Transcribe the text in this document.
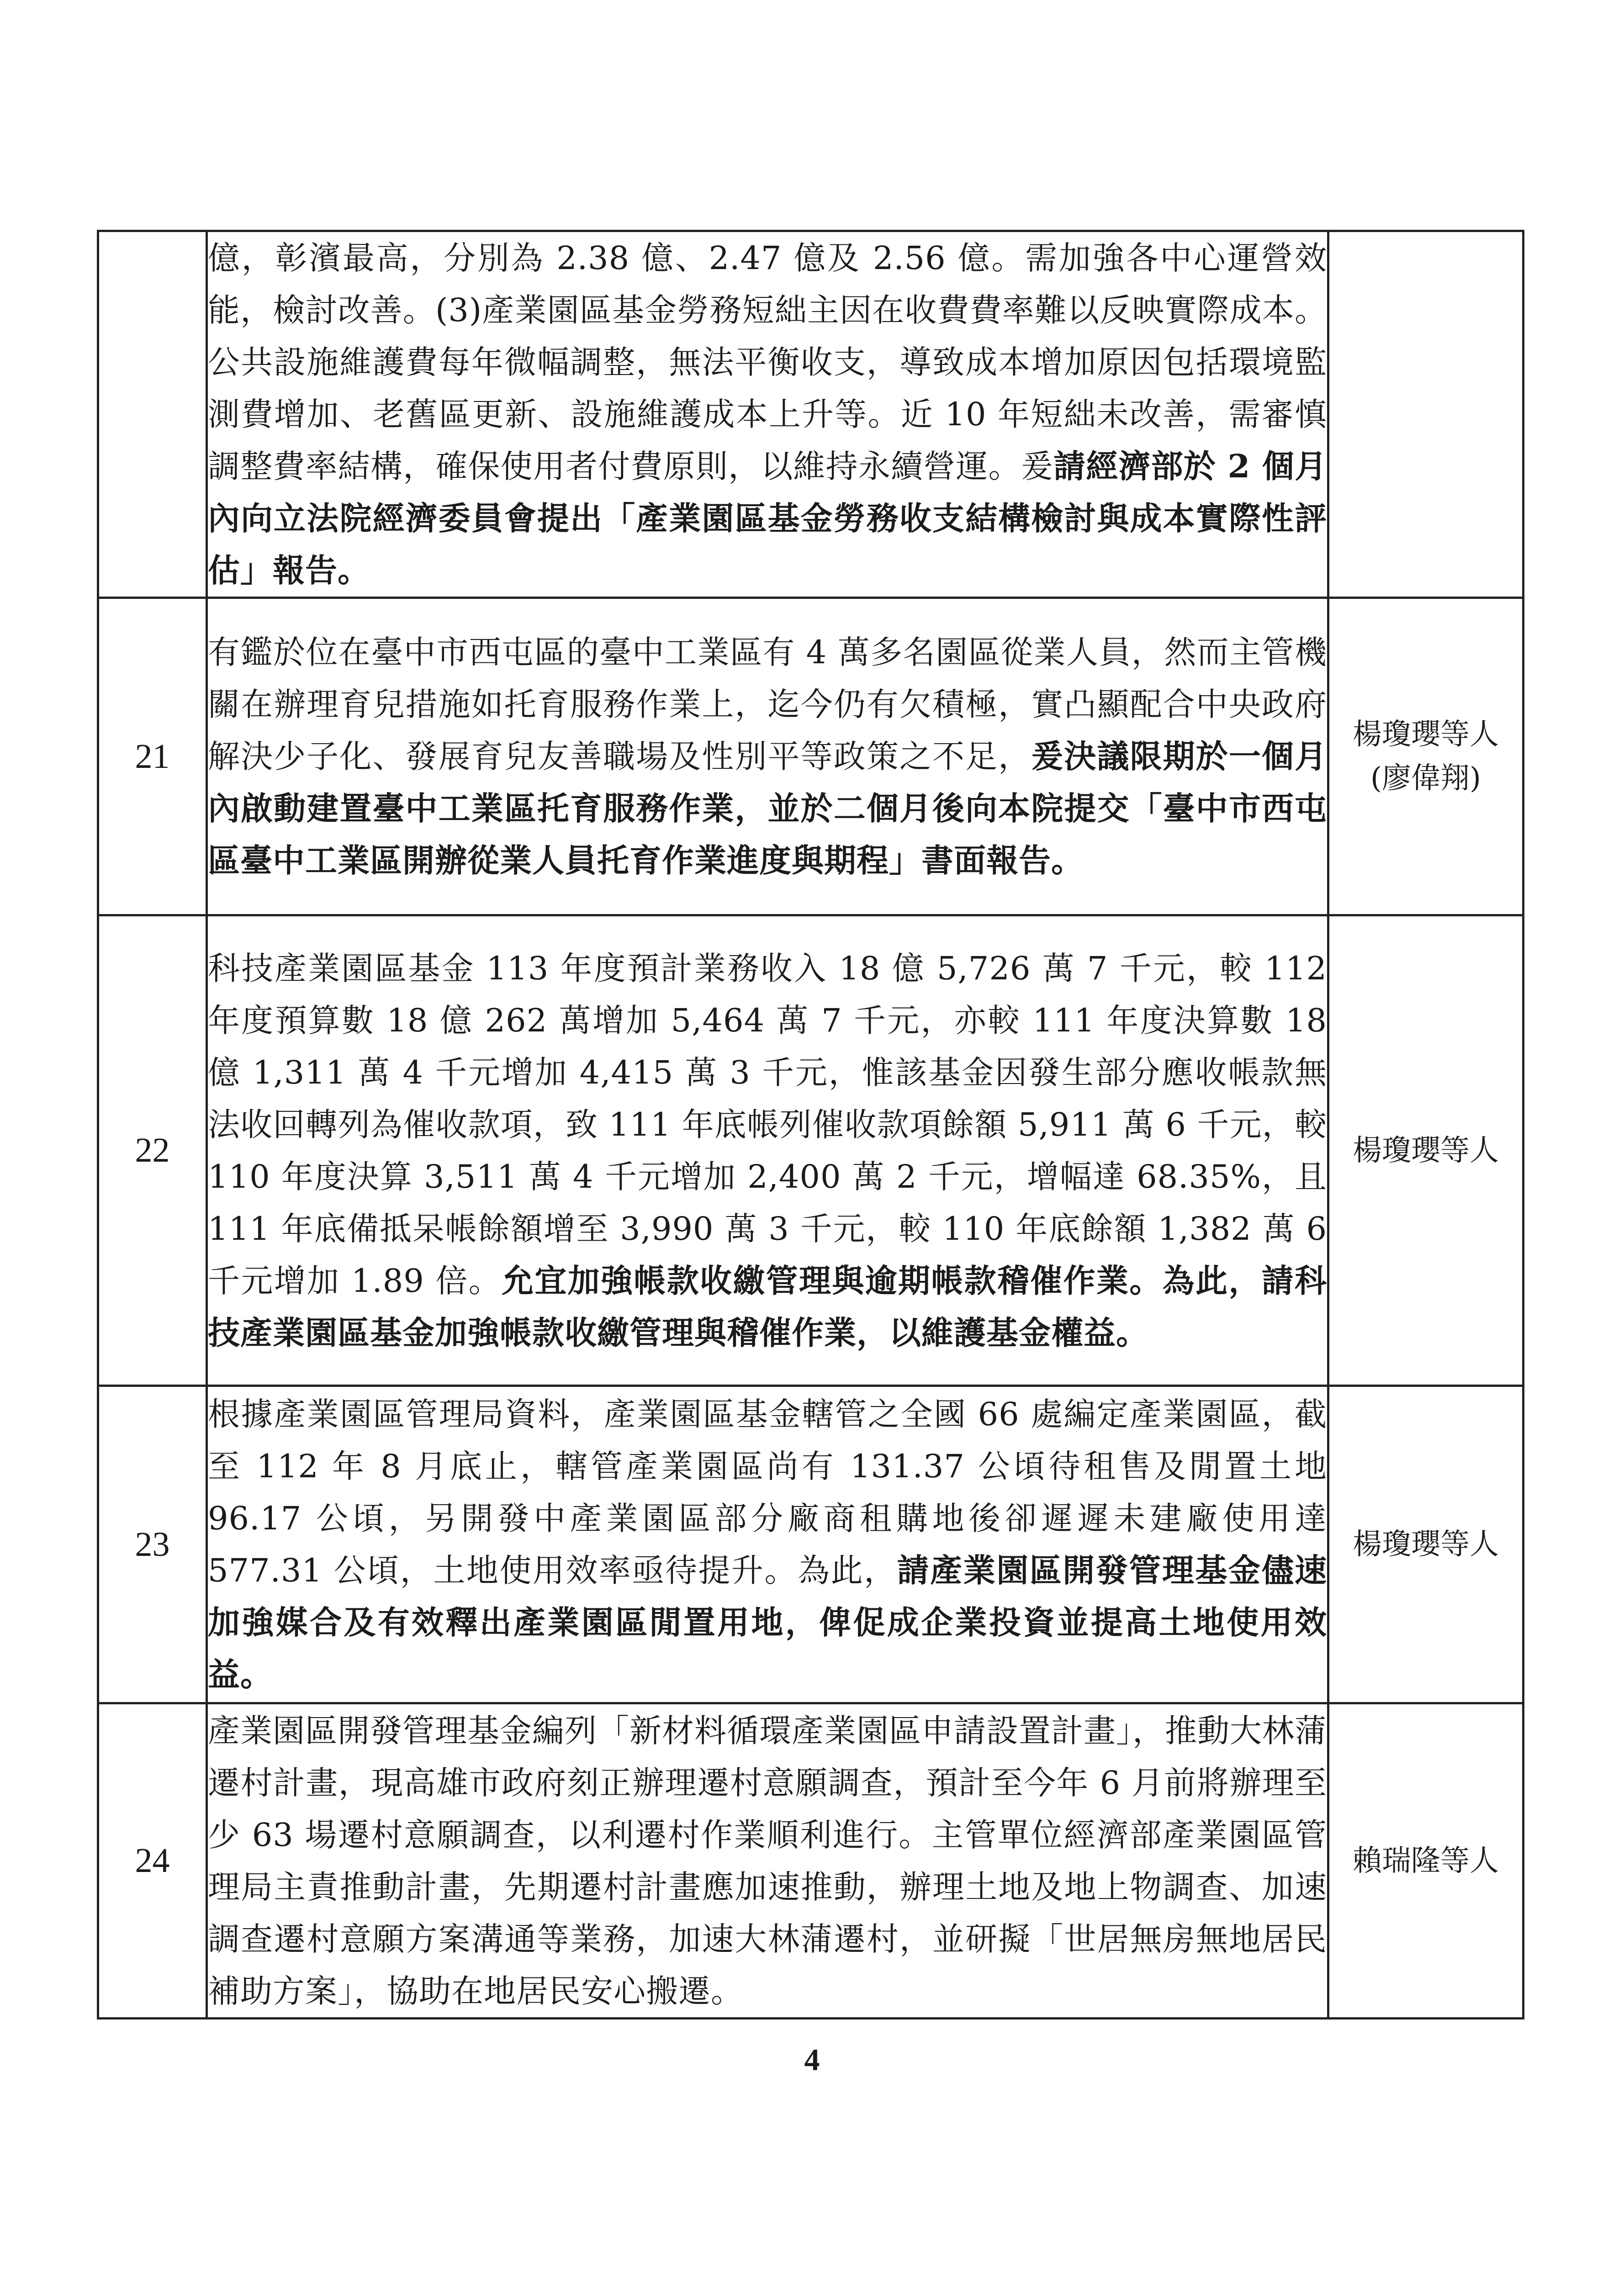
	億，彰濱最高，分別為 2.38 億、2.47 億及 2.56 億。需加強各中心運營效能，檢討改善。(3)產業園區基金勞務短絀主因在收費費率難以反映實際成本。公共設施維護費每年微幅調整，無法平衡收支，導致成本增加原因包括環境監測費增加、老舊區更新、設施維護成本上升等。近 10 年短絀未改善，需審慎調整費率結構，確保使用者付費原則，以維持永續營運。爰請經濟部於 2 個月內向立法院經濟委員會提出「產業園區基金勞務收支結構檢討與成本實際性評估」報告。	

21	有鑑於位在臺中市西屯區的臺中工業區有 4 萬多名園區從業人員，然而主管機關在辦理育兒措施如托育服務作業上，迄今仍有欠積極，實凸顯配合中央政府解決少子化、發展育兒友善職場及性別平等政策之不足，爰決議限期於一個月內啟動建置臺中工業區托育服務作業，並於二個月後向本院提交「臺中市西屯區臺中工業區開辦從業人員托育作業進度與期程」書面報告。	楊瓊瓔等人
(廖偉翔)

22	科技產業園區基金 113 年度預計業務收入 18 億 5,726 萬 7 千元，較 112 年度預算數 18 億 262 萬增加 5,464 萬 7 千元，亦較 111 年度決算數 18 億 1,311 萬 4 千元增加 4,415 萬 3 千元，惟該基金因發生部分應收帳款無法收回轉列為催收款項，致 111 年底帳列催收款項餘額 5,911 萬 6 千元，較 110 年度決算 3,511 萬 4 千元增加 2,400 萬 2 千元，增幅達 68.35%，且 111 年底備抵呆帳餘額增至 3,990 萬 3 千元，較 110 年底餘額 1,382 萬 6 千元增加 1.89 倍。允宜加強帳款收繳管理與逾期帳款稽催作業。為此，請科技產業園區基金加強帳款收繳管理與稽催作業，以維護基金權益。	楊瓊瓔等人

23	根據產業園區管理局資料，產業園區基金轄管之全國 66 處編定產業園區，截至 112 年 8 月底止，轄管產業園區尚有 131.37 公頃待租售及閒置土地 96.17 公頃，另開發中產業園區部分廠商租購地後卻遲遲未建廠使用達 577.31 公頃，土地使用效率亟待提升。為此，請產業園區開發管理基金儘速加強媒合及有效釋出產業園區閒置用地，俾促成企業投資並提高土地使用效益。	楊瓊瓔等人

24	產業園區開發管理基金編列「新材料循環產業園區申請設置計畫」，推動大林蒲遷村計畫，現高雄市政府刻正辦理遷村意願調查，預計至今年 6 月前將辦理至少 63 場遷村意願調查，以利遷村作業順利進行。主管單位經濟部產業園區管理局主責推動計畫，先期遷村計畫應加速推動，辦理土地及地上物調查、加速調查遷村意願方案溝通等業務，加速大林蒲遷村，並研擬「世居無房無地居民補助方案」，協助在地居民安心搬遷。	賴瑞隆等人
4
